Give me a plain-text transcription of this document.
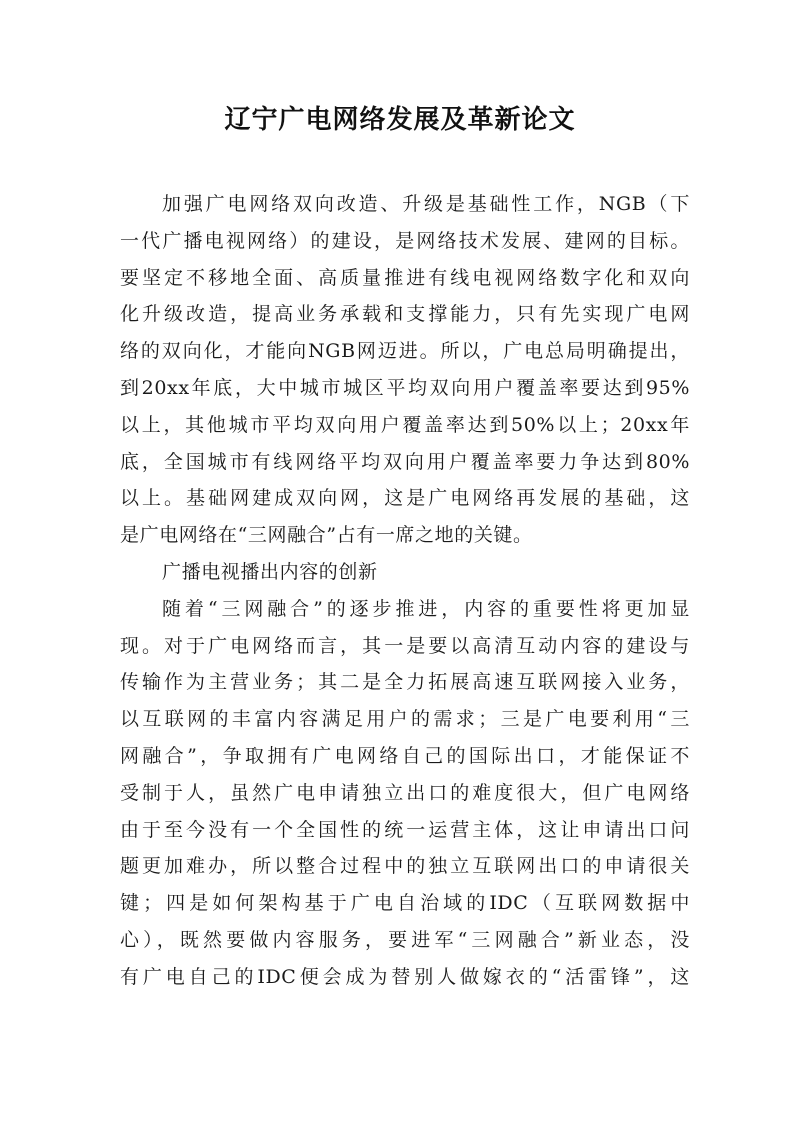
辽宁广电网络发展及革新论文
加强广电网络双向改造、升级是基础性工作，NGB（下
一代广播电视网络）的建设，是网络技术发展、建网的目标。
要坚定不移地全面、高质量推进有线电视网络数字化和双向
化升级改造，提高业务承载和支撑能力，只有先实现广电网
络的双向化，才能向NGB网迈进。所以，广电总局明确提出，
到20xx年底，大中城市城区平均双向用户覆盖率要达到95%
以上，其他城市平均双向用户覆盖率达到50%以上；20xx年
底，全国城市有线网络平均双向用户覆盖率要力争达到80%
以上。基础网建成双向网，这是广电网络再发展的基础，这
是广电网络在“三网融合”占有一席之地的关键。
广播电视播出内容的创新
随着“三网融合”的逐步推进，内容的重要性将更加显
现。对于广电网络而言，其一是要以高清互动内容的建设与
传输作为主营业务；其二是全力拓展高速互联网接入业务，
以互联网的丰富内容满足用户的需求；三是广电要利用“三
网融合”，争取拥有广电网络自己的国际出口，才能保证不
受制于人，虽然广电申请独立出口的难度很大，但广电网络
由于至今没有一个全国性的统一运营主体，这让申请出口问
题更加难办，所以整合过程中的独立互联网出口的申请很关
键；四是如何架构基于广电自治域的IDC（互联网数据中
心），既然要做内容服务，要进军“三网融合”新业态，没
有广电自己的IDC便会成为替别人做嫁衣的“活雷锋”，这
